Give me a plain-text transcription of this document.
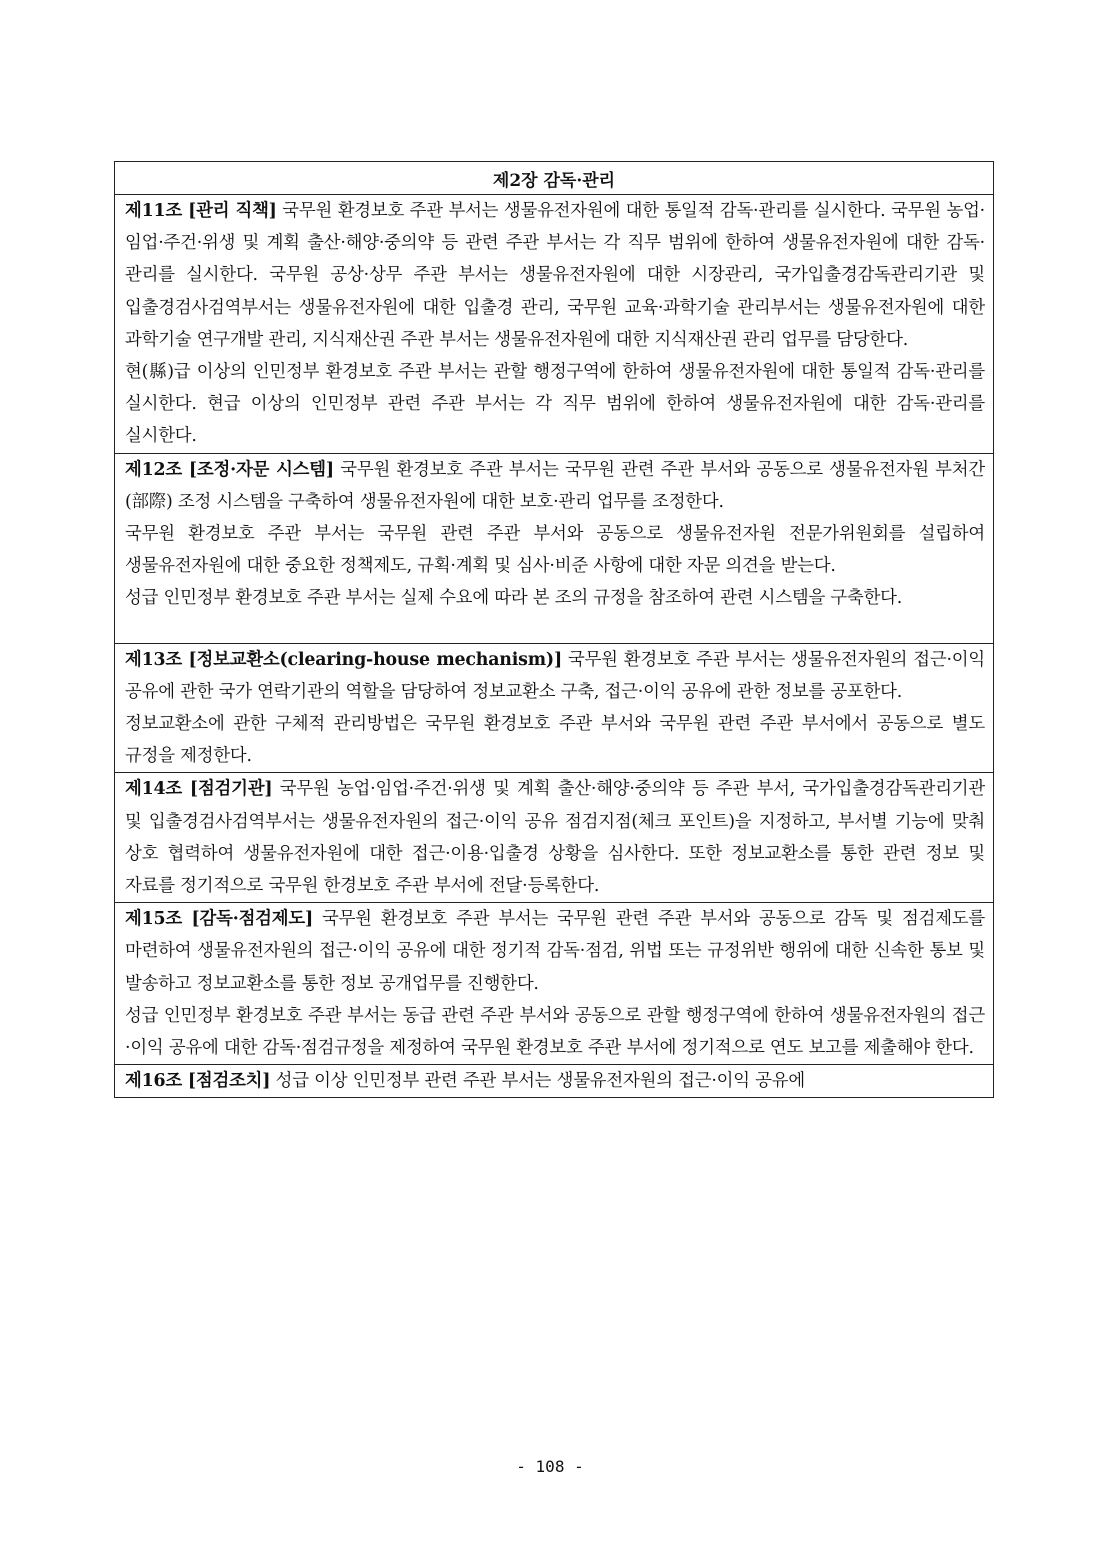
제2장 감독·관리

제11조 [관리 직책] 국무원 환경보호 주관 부서는 생물유전자원에 대한 통일적 감독·관리를 실시한다. 국무원 농업·임업·주건·위생 및 계획 출산·해양·중의약 등 관련 주관 부서는 각 직무 범위에 한하여 생물유전자원에 대한 감독·관리를 실시한다. 국무원 공상·상무 주관 부서는 생물유전자원에 대한 시장관리, 국가입출경감독관리기관 및 입출경검사검역부서는 생물유전자원에 대한 입출경 관리, 국무원 교육·과학기술 관리부서는 생물유전자원에 대한 과학기술 연구개발 관리, 지식재산권 주관 부서는 생물유전자원에 대한 지식재산권 관리 업무를 담당한다.

현(縣)급 이상의 인민정부 환경보호 주관 부서는 관할 행정구역에 한하여 생물유전자원에 대한 통일적 감독·관리를 실시한다. 현급 이상의 인민정부 관련 주관 부서는 각 직무 범위에 한하여 생물유전자원에 대한 감독·관리를 실시한다.

제12조 [조정·자문 시스템] 국무원 환경보호 주관 부서는 국무원 관련 주관 부서와 공동으로 생물유전자원 부처간(部際) 조정 시스템을 구축하여 생물유전자원에 대한 보호·관리 업무를 조정한다.

국무원 환경보호 주관 부서는 국무원 관련 주관 부서와 공동으로 생물유전자원 전문가위원회를 설립하여 생물유전자원에 대한 중요한 정책제도, 규획·계획 및 심사·비준 사항에 대한 자문 의견을 받는다.

성급 인민정부 환경보호 주관 부서는 실제 수요에 따라 본 조의 규정을 참조하여 관련 시스템을 구축한다.

제13조 [정보교환소(clearing-house mechanism)] 국무원 환경보호 주관 부서는 생물유전자원의 접근·이익 공유에 관한 국가 연락기관의 역할을 담당하여 정보교환소 구축, 접근·이익 공유에 관한 정보를 공포한다.

정보교환소에 관한 구체적 관리방법은 국무원 환경보호 주관 부서와 국무원 관련 주관 부서에서 공동으로 별도 규정을 제정한다.

제14조 [점검기관] 국무원 농업·임업·주건·위생 및 계획 출산·해양·중의약 등 주관 부서, 국가입출경감독관리기관 및 입출경검사검역부서는 생물유전자원의 접근·이익 공유 점검지점(체크 포인트)을 지정하고, 부서별 기능에 맞춰 상호 협력하여 생물유전자원에 대한 접근·이용·입출경 상황을 심사한다. 또한 정보교환소를 통한 관련 정보 및 자료를 정기적으로 국무원 한경보호 주관 부서에 전달·등록한다.

제15조 [감독·점검제도] 국무원 환경보호 주관 부서는 국무원 관련 주관 부서와 공동으로 감독 및 점검제도를 마련하여 생물유전자원의 접근·이익 공유에 대한 정기적 감독·점검, 위법 또는 규정위반 행위에 대한 신속한 통보 및 발송하고 정보교환소를 통한 정보 공개업무를 진행한다.

성급 인민정부 환경보호 주관 부서는 동급 관련 주관 부서와 공동으로 관할 행정구역에 한하여 생물유전자원의 접근·이익 공유에 대한 감독·점검규정을 제정하여 국무원 환경보호 주관 부서에 정기적으로 연도 보고를 제출해야 한다.

제16조 [점검조치] 성급 이상 인민정부 관련 주관 부서는 생물유전자원의 접근·이익 공유에

- 108 -
